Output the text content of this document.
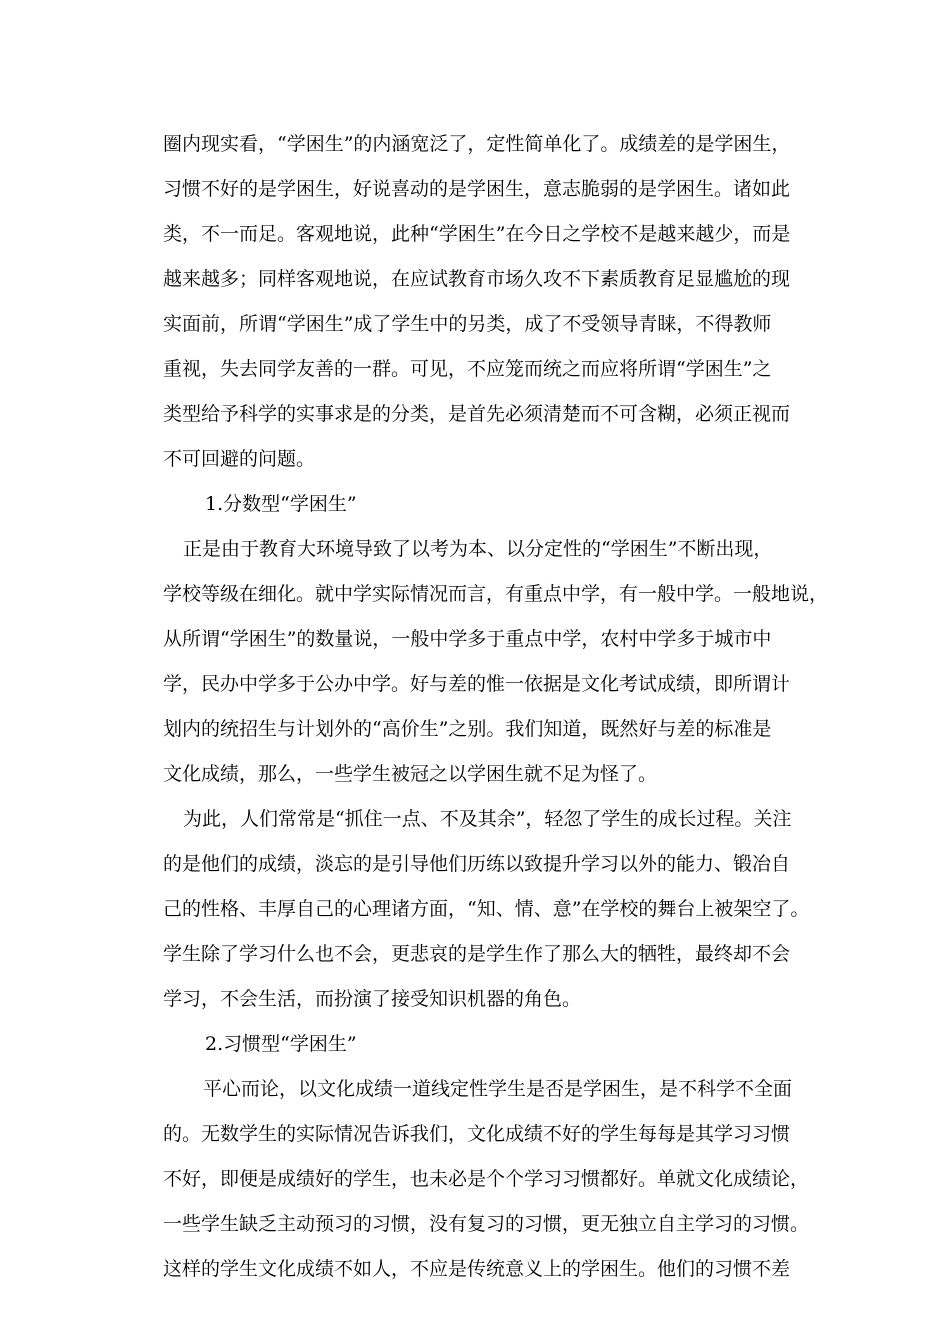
圈内现实看，“学困生”的内涵宽泛了，定性简单化了。成绩差的是学困生，
习惯不好的是学困生，好说喜动的是学困生，意志脆弱的是学困生。诸如此
类，不一而足。客观地说，此种“学困生”在今日之学校不是越来越少，而是
越来越多；同样客观地说，在应试教育市场久攻不下素质教育足显尴尬的现
实面前，所谓“学困生”成了学生中的另类，成了不受领导青睐，不得教师
重视，失去同学友善的一群。可见，不应笼而统之而应将所谓“学困生”之
类型给予科学的实事求是的分类，是首先必须清楚而不可含糊，必须正视而
不可回避的问题。
1.分数型“学困生”
正是由于教育大环境导致了以考为本、以分定性的“学困生”不断出现，
学校等级在细化。就中学实际情况而言，有重点中学，有一般中学。一般地说，
从所谓“学困生”的数量说，一般中学多于重点中学，农村中学多于城市中
学，民办中学多于公办中学。好与差的惟一依据是文化考试成绩，即所谓计
划内的统招生与计划外的“高价生”之别。我们知道，既然好与差的标准是
文化成绩，那么，一些学生被冠之以学困生就不足为怪了。
为此，人们常常是“抓住一点、不及其余”，轻忽了学生的成长过程。关注
的是他们的成绩，淡忘的是引导他们历练以致提升学习以外的能力、锻冶自
己的性格、丰厚自己的心理诸方面，“知、情、意”在学校的舞台上被架空了。
学生除了学习什么也不会，更悲哀的是学生作了那么大的牺牲，最终却不会
学习，不会生活，而扮演了接受知识机器的角色。
2.习惯型“学困生”
平心而论，以文化成绩一道线定性学生是否是学困生，是不科学不全面
的。无数学生的实际情况告诉我们，文化成绩不好的学生每每是其学习习惯
不好，即便是成绩好的学生，也未必是个个学习习惯都好。单就文化成绩论，
一些学生缺乏主动预习的习惯，没有复习的习惯，更无独立自主学习的习惯。
这样的学生文化成绩不如人，不应是传统意义上的学困生。他们的习惯不差
